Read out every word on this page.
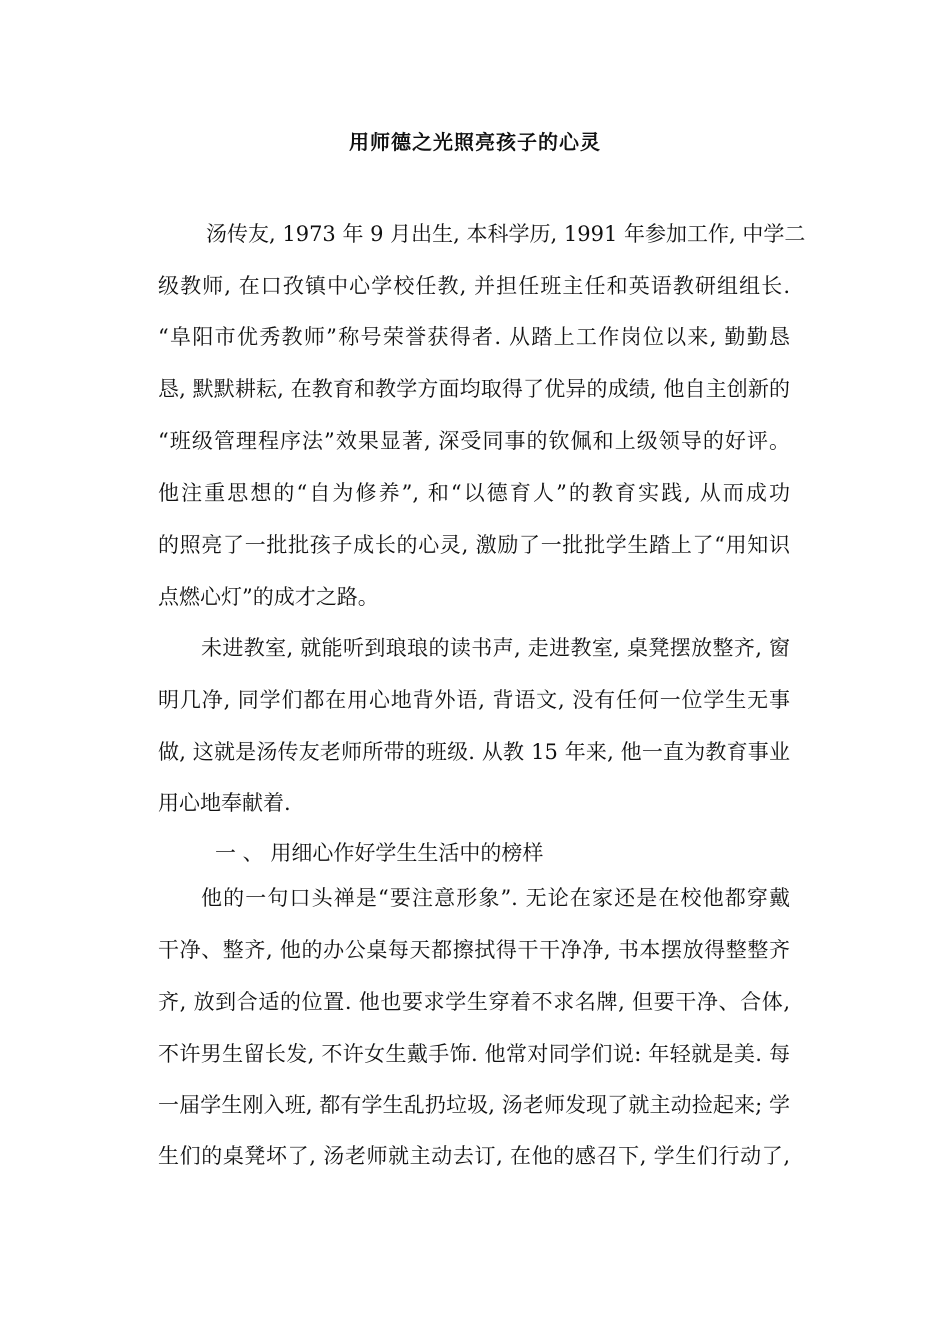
用师德之光照亮孩子的心灵
汤传友, 1973 年 9 月出生, 本科学历, 1991 年参加工作, 中学二
级教师, 在口孜镇中心学校任教, 并担任班主任和英语教研组组长.
“阜阳市优秀教师”称号荣誉获得者. 从踏上工作岗位以来, 勤勤恳
恳, 默默耕耘, 在教育和教学方面均取得了优异的成绩, 他自主创新的
“班级管理程序法”效果显著, 深受同事的钦佩和上级领导的好评。
他注重思想的“自为修养”, 和“以德育人”的教育实践, 从而成功
的照亮了一批批孩子成长的心灵, 激励了一批批学生踏上了“用知识
点燃心灯”的成才之路。
未进教室, 就能听到琅琅的读书声, 走进教室, 桌凳摆放整齐, 窗
明几净, 同学们都在用心地背外语, 背语文, 没有任何一位学生无事
做, 这就是汤传友老师所带的班级. 从教 15 年来, 他一直为教育事业
用心地奉献着.
一 、 用细心作好学生生活中的榜样
他的一句口头禅是“要注意形象”. 无论在家还是在校他都穿戴
干净、整齐, 他的办公桌每天都擦拭得干干净净, 书本摆放得整整齐
齐, 放到合适的位置. 他也要求学生穿着不求名牌, 但要干净、合体,
不许男生留长发, 不许女生戴手饰. 他常对同学们说: 年轻就是美. 每
一届学生刚入班, 都有学生乱扔垃圾, 汤老师发现了就主动捡起来; 学
生们的桌凳坏了, 汤老师就主动去订, 在他的感召下, 学生们行动了,
